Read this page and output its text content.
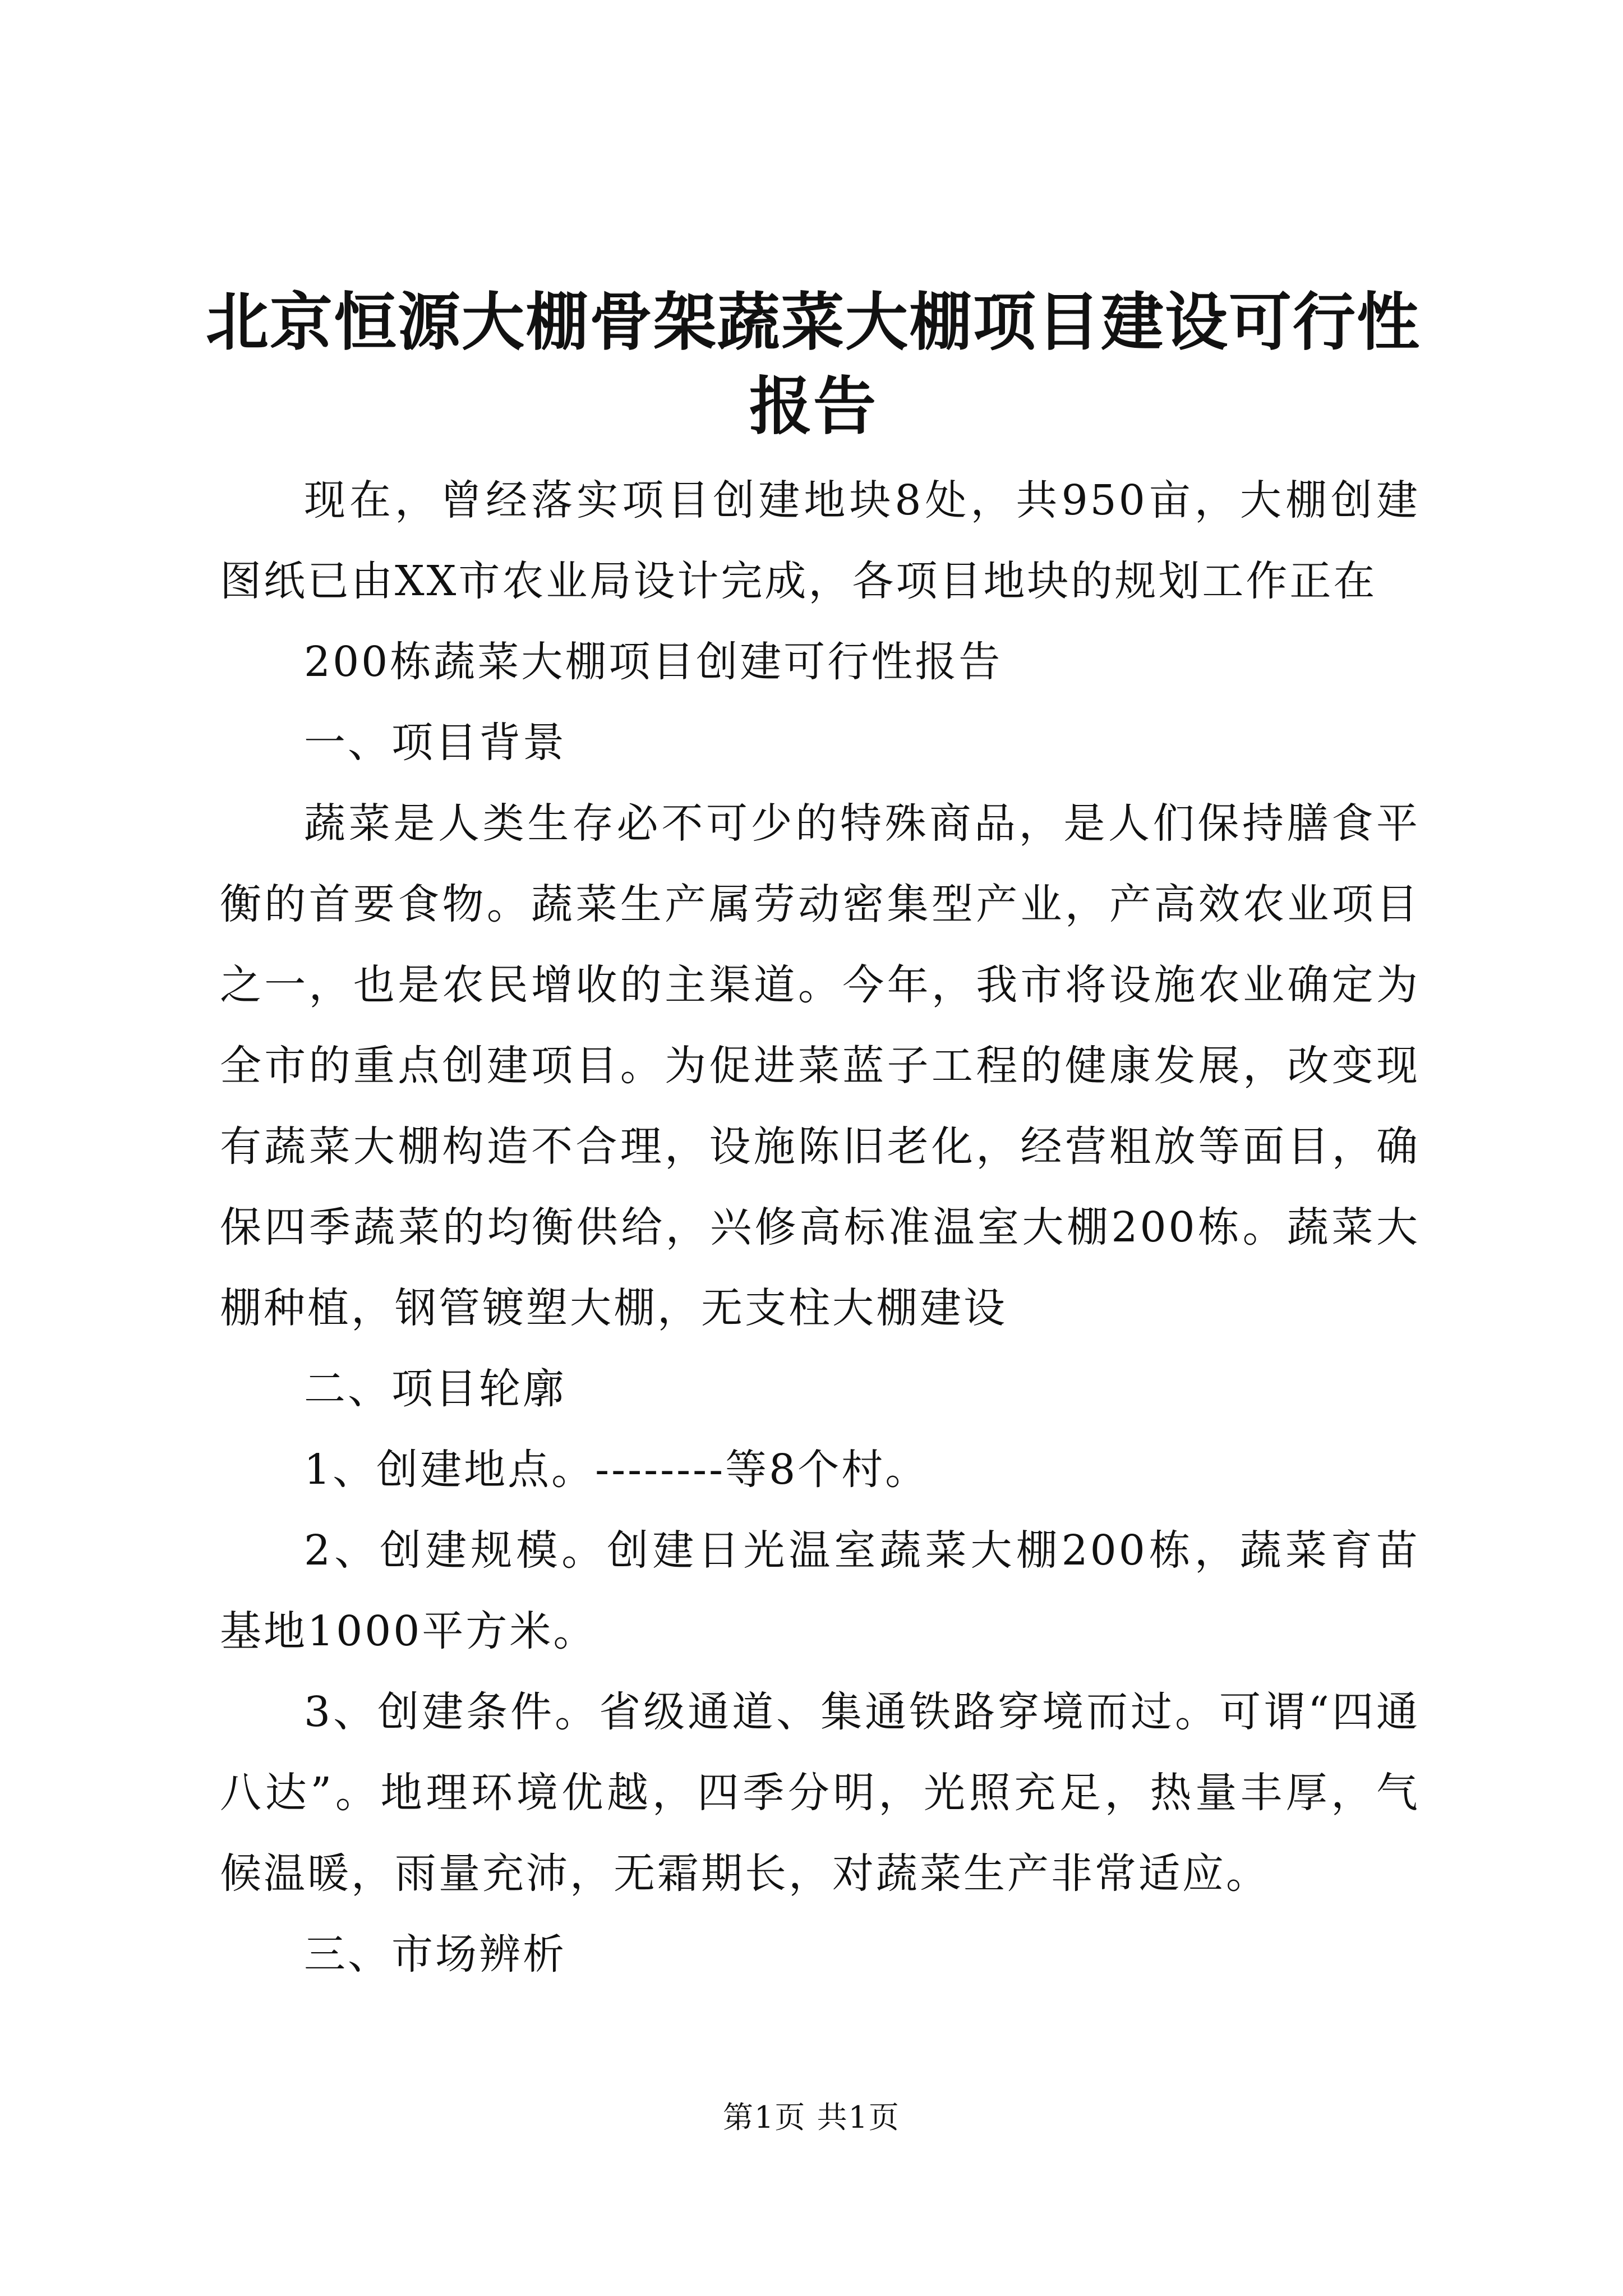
北京恒源大棚骨架蔬菜大棚项目建设可行性报告

现在，曾经落实项目创建地块8处，共950亩，大棚创建图纸已由XX市农业局设计完成，各项目地块的规划工作正在

200栋蔬菜大棚项目创建可行性报告

一、项目背景

蔬菜是人类生存必不可少的特殊商品，是人们保持膳食平衡的首要食物。蔬菜生产属劳动密集型产业，产高效农业项目之一，也是农民增收的主渠道。今年，我市将设施农业确定为全市的重点创建项目。为促进菜蓝子工程的健康发展，改变现有蔬菜大棚构造不合理，设施陈旧老化，经营粗放等面目，确保四季蔬菜的均衡供给，兴修高标准温室大棚200栋。蔬菜大棚种植，钢管镀塑大棚，无支柱大棚建设

二、项目轮廓

1、创建地点。--------等8个村。

2、创建规模。创建日光温室蔬菜大棚200栋，蔬菜育苗基地1000平方米。

3、创建条件。省级通道、集通铁路穿境而过。可谓“四通八达”。地理环境优越，四季分明，光照充足，热量丰厚，气候温暖，雨量充沛，无霜期长，对蔬菜生产非常适应。

三、市场辨析

第1页 共1页
